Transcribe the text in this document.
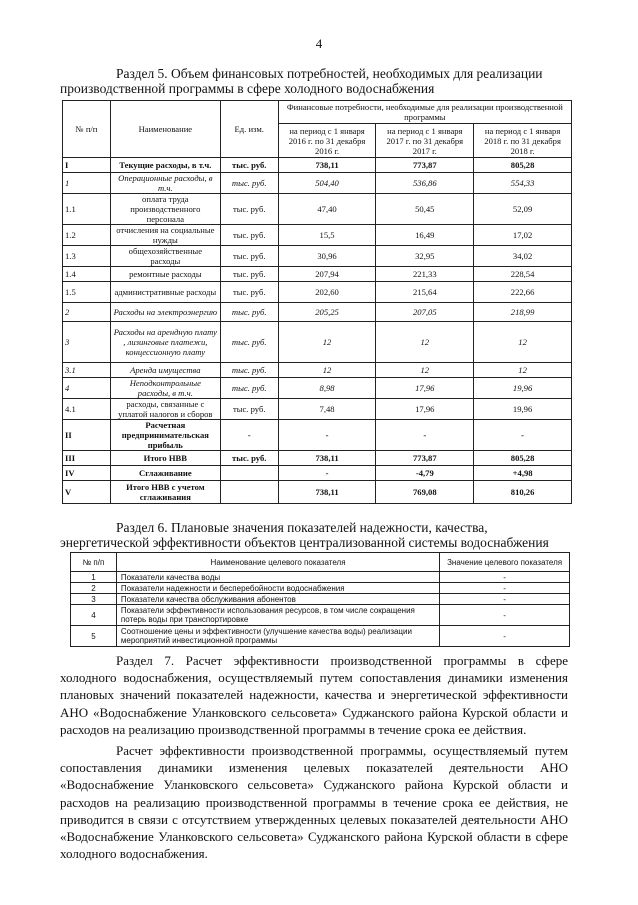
4
Раздел 5. Объем финансовых потребностей, необходимых для реализации производственной программы в сфере холодного водоснабжения
№ п/п	Наименование	Ед. изм.	Финансовые потребности, необходимые для реализации производственной программы		
			на период с 1 января 2016 г. по 31 декабря 2016 г.	на период с 1 января 2017 г. по 31 декабря 2017 г.	на период с 1 января 2018 г. по 31 декабря 2018 г.
I	Текущие расходы, в т.ч.	тыс. руб.	738,11	773,87	805,28
1	Операционные расходы, в т.ч.	тыс. руб.	504,40	536,86	554,33
1.1	оплата труда производственного персонала	тыс. руб.	47,40	50,45	52,09
1.2	отчисления на социальные нужды	тыс. руб.	15,5	16,49	17,02
1.3	общехозяйственные расходы	тыс. руб.	30,96	32,95	34,02
1.4	ремонтные расходы	тыс. руб.	207,94	221,33	228,54
1.5	административные расходы	тыс. руб.	202,60	215,64	222,66
2	Расходы на электроэнергию	тыс. руб.	205,25	207,05	218,99
3	Расходы на арендную плату , лизинговые платежи, концессионную плату	тыс. руб.	12	12	12
3.1	Аренда имущества	тыс. руб.	12	12	12
4	Неподконтрольные расходы, в т.ч.	тыс. руб.	8,98	17,96	19,96
4.1	расходы, связанные с уплатой налогов и сборов	тыс. руб.	7,48	17,96	19,96
II	Расчетная предпринимательская прибыль	-	-	-	-
III	Итого НВВ	тыс. руб.	738,11	773,87	805,28
IV	Сглаживание		-	-4,79	+4,98
V	Итого НВВ с учетом сглаживания		738,11	769,08	810,26
Раздел 6. Плановые значения показателей надежности, качества, энергетической эффективности объектов централизованной системы водоснабжения
№ п/п	Наименование целевого показателя	Значение целевого показателя
1	Показатели качества воды	-
2	Показатели надежности и бесперебойности водоснабжения	-
3	Показатели качества обслуживания абонентов	-
4	Показатели эффективности использования ресурсов, в том числе сокращения потерь воды при транспортировке	-
5	Соотношение цены и эффективности (улучшение качества воды) реализации мероприятий инвестиционной программы	-
Раздел 7. Расчет эффективности производственной программы в сфере холодного водоснабжения, осуществляемый путем сопоставления динамики изменения плановых значений показателей надежности, качества и энергетической эффективности АНО «Водоснабжение Уланковского сельсовета» Суджанского района Курской области и расходов на реализацию производственной программы в течение срока ее действия.
Расчет эффективности производственной программы, осуществляемый путем сопоставления динамики изменения целевых показателей деятельности АНО «Водоснабжение Уланковского сельсовета» Суджанского района Курской области и расходов на реализацию производственной программы в течение срока ее действия, не приводится в связи с отсутствием утвержденных целевых показателей деятельности АНО «Водоснабжение Уланковского сельсовета» Суджанского района Курской области в сфере холодного водоснабжения.
